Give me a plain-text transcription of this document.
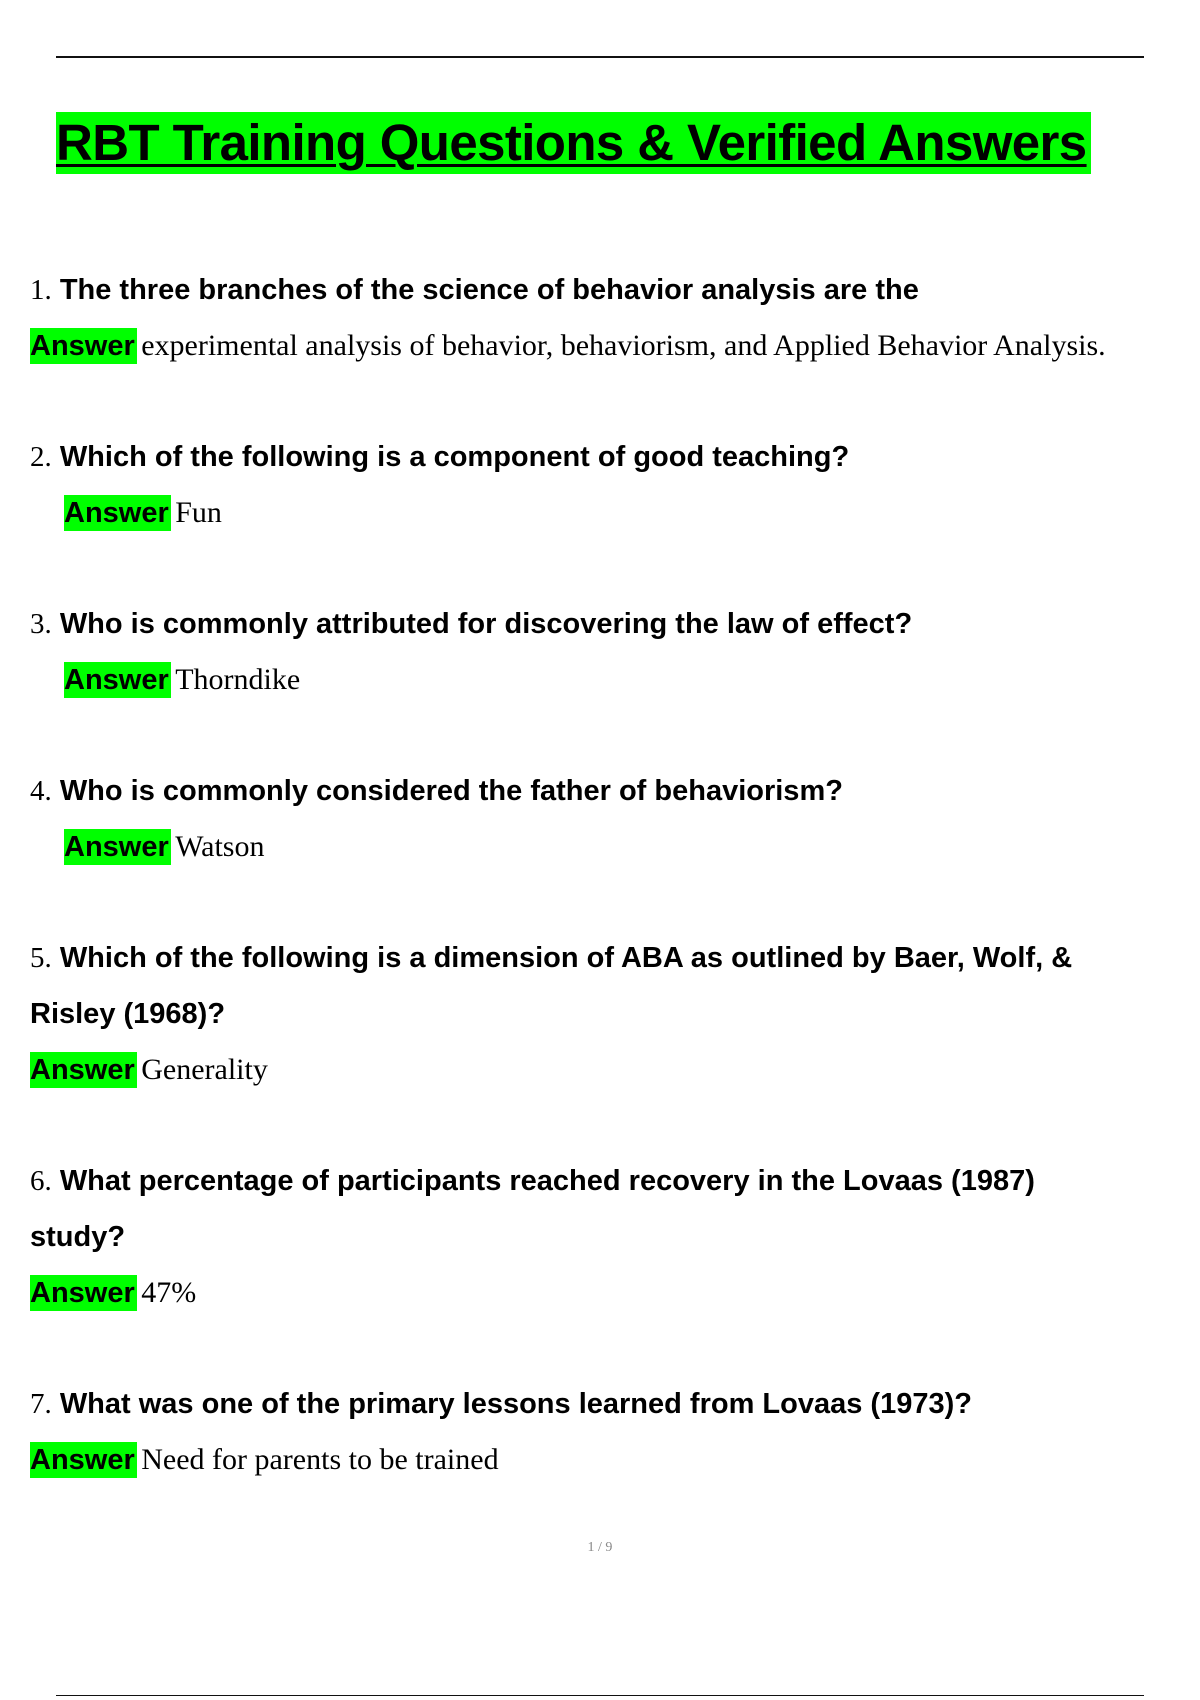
RBT Training Questions & Verified Answers
1. The three branches of the science of behavior analysis are the
Answer experimental analysis of behavior, behaviorism, and Applied Behavior Analysis.
2. Which of the following is a component of good teaching?
Answer Fun
3. Who is commonly attributed for discovering the law of effect?
Answer Thorndike
4. Who is commonly considered the father of behaviorism?
Answer Watson
5. Which of the following is a dimension of ABA as outlined by Baer, Wolf, &
Risley (1968)?
Answer Generality
6. What percentage of participants reached recovery in the Lovaas (1987)
study?
Answer 47%
7. What was one of the primary lessons learned from Lovaas (1973)?
Answer Need for parents to be trained
1 / 9
